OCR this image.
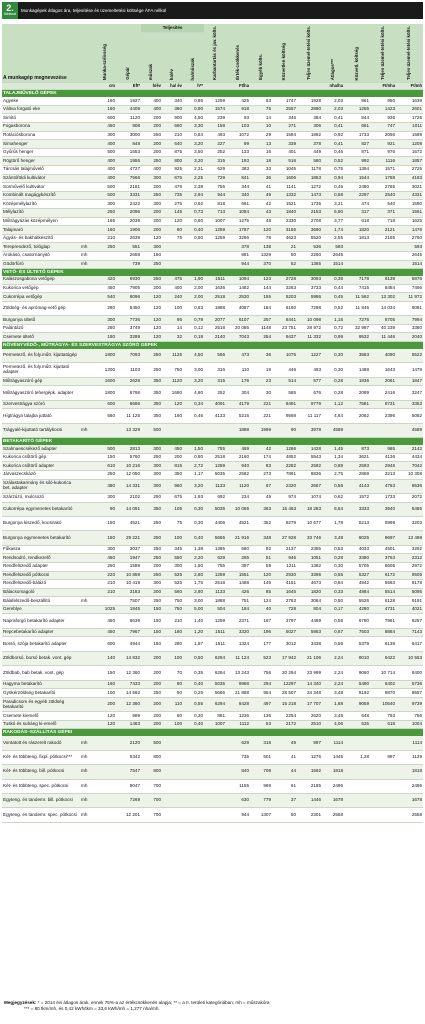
2.
táblázat
Munkagépek átlagos ára, teljesítése és üzemeltetési költsége ÁFA nélkül
A munkagép megnevezése		Munka-szélesség	Gépár	Teljesítés			Karbantartás és jav. költs.	Érték-csökkenés	Egyéb költs.	Közvetlen költség	Teljes üzemel-tetési költs.	Átlagos***	Közvetl. költség	Teljes üzemel-tetési költs.	Teljes üzemel-tetési költs.	
				műszak	ha/év	ha/műszak										
		cm	Eft*	h/év	ha/ év	h**		Ft/ha				nha/ha		Ft/nha	Ft/mh	
TALAJMŰVELŐ GÉPEK																
Agyeke		160	1927	400	340	0,85	1259	425	63	1747	1928	2,03	861	950	1639	
Váltva forgató eke		160	4409	400	360	0,90	1574	918	75	2567	2890	2,03	1265	1423	2601	
Simító		600	1120	200	900	4,50	239	93	14	346	384	0,41	844	936	1726	
Fogasborona		450	908	200	660	3,30	158	103	10	271	306	0,41	661	747	1011	
Rotációsborona		300	3000	250	210	0,84	493	1072	29	1594	1892	0,92	1733	2056	1589	
Simahenger		400	848	200	640	3,20	227	99	13	339	378	0,41	827	921	1208	
Gyűrűs henger		500	1553	200	875	3,50	252	133	16	401	449	0,46	871	976	1572	
Rögtörő henger		400	1955	250	800	3,20	315	183	18	516	580	0,52	992	1116	1857	
Tárcsás talajművelő		400	4727	400	925	2,31	629	383	33	1045	1178	0,75	1394	1571	2725	
Szántóföldi kultivátor		400	7566	300	675	2,25	729	841	36	1606	1853	0,94	1544	1788	4183	
Sorművelő kultivátor		500	2181	200	475	2,38	755	344	41	1141	1272	0,46	2480	2765	3021	
Kombinált magágykészítő		500	3331	250	735	2,94	944	340	49	1332	1473	0,58	2297	2540	4331	
Középmélylazító		300	2422	300	275	0,92	818	661	42	1521	1735	3,21	474	540	1590	
Mélylazító		250	2096	200	145	0,73	713	1084	43	1840	2153	5,80	317	371	1561	
Műtrágyázás középmélyen		165	2039	200	120	0,60	1007	1275	48	2330	2708	3,77	618	718	1625	
Talajmaró		160	1906	200	80	0,40	1259	1787	120	3166	3690	1,74	1820	2121	1476	
Ágyás- és bakhátkészítő		210	2639	120	75	0,50	1259	3286	78	4623	5520	2,55	1813	2165	2760	
Tereprendező, tológlap	mh	250	551	300				378	138	21	536	593			593	
Árokásó, csatornanyitó	mh		2658	150				881	1329	50	2260	2645			2645	
Gödörfúró	mh		739	250				944	370	52	1365	1514			1514	
VETŐ- ÉS ÜLTETŐ GÉPEK																
Kalászosgabona vetőgép		420	6930	250	475	1,90	1511	1094	123	2728	3093	0,38	7178	8139	5876	
Kukorica vetőgép		450	7905	200	400	2,00	1636	1482	144	3263	3733	0,44	7415	8484	7466	
Cukorrépa vetőgép		540	8096	120	240	2,00	2518	2530	155	5203	5986	0,45	11 562	13 302	11 972	
Zöldség- és aprómag-vető gép		280	5450	120	100	0,83	1888	4087	184	6160	7298	0,52	11 845	14 034	6081	
Burgonya ültető		300	7736	120	95	0,79	2077	6107	257	8441	10 098	1,16	7276	8705	7994	
Palántázó		280	3749	120	14	0,12	2518	20 085	1148	23 751	28 972	0,72	32 987	40 239	3380	
Csemete ültető		180	3289	120	32	0,18	2140	7043	254	9437	11 332	0,99	9532	11 446	2040	
NÖVÉNYVÉDŐ-, MŰTRÁGYA- ÉS SZERVESTRÁGYA SZÓRÓ GÉPEK																
Permetező, és foly.műtr. kijuttatógép		1800	7093	250	1125	4,50	566	473	36	1075	1227	0,30	3583	4090	5522	
Permetező, és foly.műtr. kijuttató adapter		1200	1103	250	750	3,00	316	110	19	446	493	0,30	1488	1643	1478	
Műtrágyaszóró gép		1600	2628	350	1120	3,20	315	176	23	514	577	0,28	1836	2061	1847	
Műtrágyaszóró tehergépk. adapter		1800	6798	350	1680	4,80	252	304	30	585	676	0,28	2089	2416	3247	
Szervestrágya szóró		600	6686	350	120	0,34	4091	4179	221	8491	9779	1,12	7581	8731	3353	
Hígtrágya talajba juttató		560	11 125	350	160	0,46	4133	5215	221	9568	11 117	4,64	2062	2396	5082	
Trágyalé-kijuttató tartálykocsi	mh		13 329	500				1888	1999	90	3978	4589			4589	
BETAKARÍTÓ GÉPEK																
Szalmaescsékező adapter		500	2813	300	450	1,50	755	469	42	1266	1428	1,45	873	985	2142	
Kukorica csőtörő gép		150	5760	250	200	0,80	2518	2160	174	4852	5543	1,34	3621	4136	4434	
Kukorica csőtörő adapter		610	10 216	300	815	2,72	1259	940	83	2282	2592	0,88	2593	2946	7042	
Járvaszecskázó		250	12 050	300	350	1,17	5035	2582	273	7891	8836	2,75	2869	3213	10 308	
Szálastakarmány és siló-kukorica bet. adapter		480	14 331	300	960	3,20	1133	1120	67	2320	2667	0,56	4143	4763	8536	
Szárzúzó, mulcsozó		300	2102	250	675	1,93	692	234	49	974	1074	0,62	1572	1733	2072	
Cukorrépa egymenetes betakarító		90	14 091	350	105	0,30	5035	10 065	363	15 463	18 283	6,64	3333	3940	5485	
Burgonya kiszedő, kocsirakó		150	4521	250	75	0,30	4406	4521	352	9279	10 677	1,78	5213	5998	3203	
Burgonya egymenetes betakarító		150	29 221	250	100	0,40	5665	21 916	348	27 928	33 746	3,48	8025	9697	13 498	
Fűkasza		300	3037	250	345	1,38	1385	660	92	2137	2385	0,53	4033	4501	3292	
Rendsodró, rendkezelő		450	1947	250	550	2,20	629	265	51	946	1051	0,28	3380	3753	2312	
Rendfelszedő adapter		250	1589	200	300	1,50	755	397	59	1211	1382	0,30	5705	6605	2972	
Rendfelszedő pótkocsi		220	10 859	250	525	2,80	1259	1551	120	2930	3395	0,55	5327	6172	9505	
Rendfelszedő-bálázó		210	10 419	300	525	1,75	2518	1488	145	4151	4673	0,84	4942	5563	8178	
Bálacsomagoló		210	3183	200	560	2,80	1133	426	85	1645	1820	0,33	4984	5514	5095	
Bálafelszedő-beszállító	mh		7507	250	750	3,00	1888	751	124	2763	3064	0,50	5526	6128	9191	
Gereblye		1025	1845	150	750	5,00	504	184	40	728	804	0,17	4280	4731	4021	
Napraforgó betakarító adapter		450	6639	150	210	1,40	1259	2371	167	3797	4469	0,56	6780	7981	6257	
Repcebetakarító adapter		450	7967	150	180	1,20	1511	3320	196	5027	5953	0,67	7503	8884	7143	
Borsó, szója betakarító adapter		600	4944	150	280	1,87	1511	1324	177	3012	3438	0,56	5379	6139	6417	
Zöldborsó, borsó betak. vont. gép		140	14 832	200	100	0,50	6294	11 124	523	17 942	21 106	2,24	8010	9422	10 553	
Zöldbab, bab betak. vont. gép		150	12 360	200	70	0,35	6294	13 243	756	20 294	23 999	2,24	9060	10 714	8400	
Hagyma betakarító		160	7433	200	80	0,40	5035	6968	294	12297	14 340	2,24	5490	6402	5736	
Gyökérzöldség betakarító		100	14 592	250	50	0,25	5665	21 888	954	28 507	34 348	3,48	8192	9870	8587	
Paradicsom és egyéb zöldség betakarító		200	12 360	200	110	0,55	6294	8428	497	15 218	17 707	1,68	9059	10540	9739	
Csemete kiemelő		120	989	200	60	0,30	881	1236	136	2254	2620	3,48	648	753	786	
Tuskó és suháng ki-emelő		120	1483	200	100	0,40	1007	1112	53	2172	2510	4,06	535	618	1004	
RAKODÁS–SZÁLLÍTÁS GÉPEI																
Vontatott és rászerelt rakodó	mh		2120	500				629	318	49	997	1114			1114	
Két- és többteng. fixpl. pótkocsi***	mh		5342	800				735	501	41	1276	1445	1,28	997	1129	
Két- és többteng. bill. pótkocsi	mh		7547	800				840	708	44	1592	1818			1818	
Két- és többteng. spec. pótkocsi	mh		9047	700				1155	969	61	2185	2496			2496	
Egyteng. és tandemr. bill. pótkocsi	mh		7269	700				630	779	37	1446	1678			1678	
Egyteng. és tandemr. spec. pótkocsi	mh		12 201	700				944	1307	50	2301	2558			2558	
Megjegyzések: * = 2014 évi átlagos árak, ennek 75%-a az értékcsökkenés alapja; ** = a II. területi kategóriában; mh = műszakóra
*** = 80 tkm/mh, és 0,42 kWh/tkm = 33,6 kWh/mh = 1,277 nha/mh.
